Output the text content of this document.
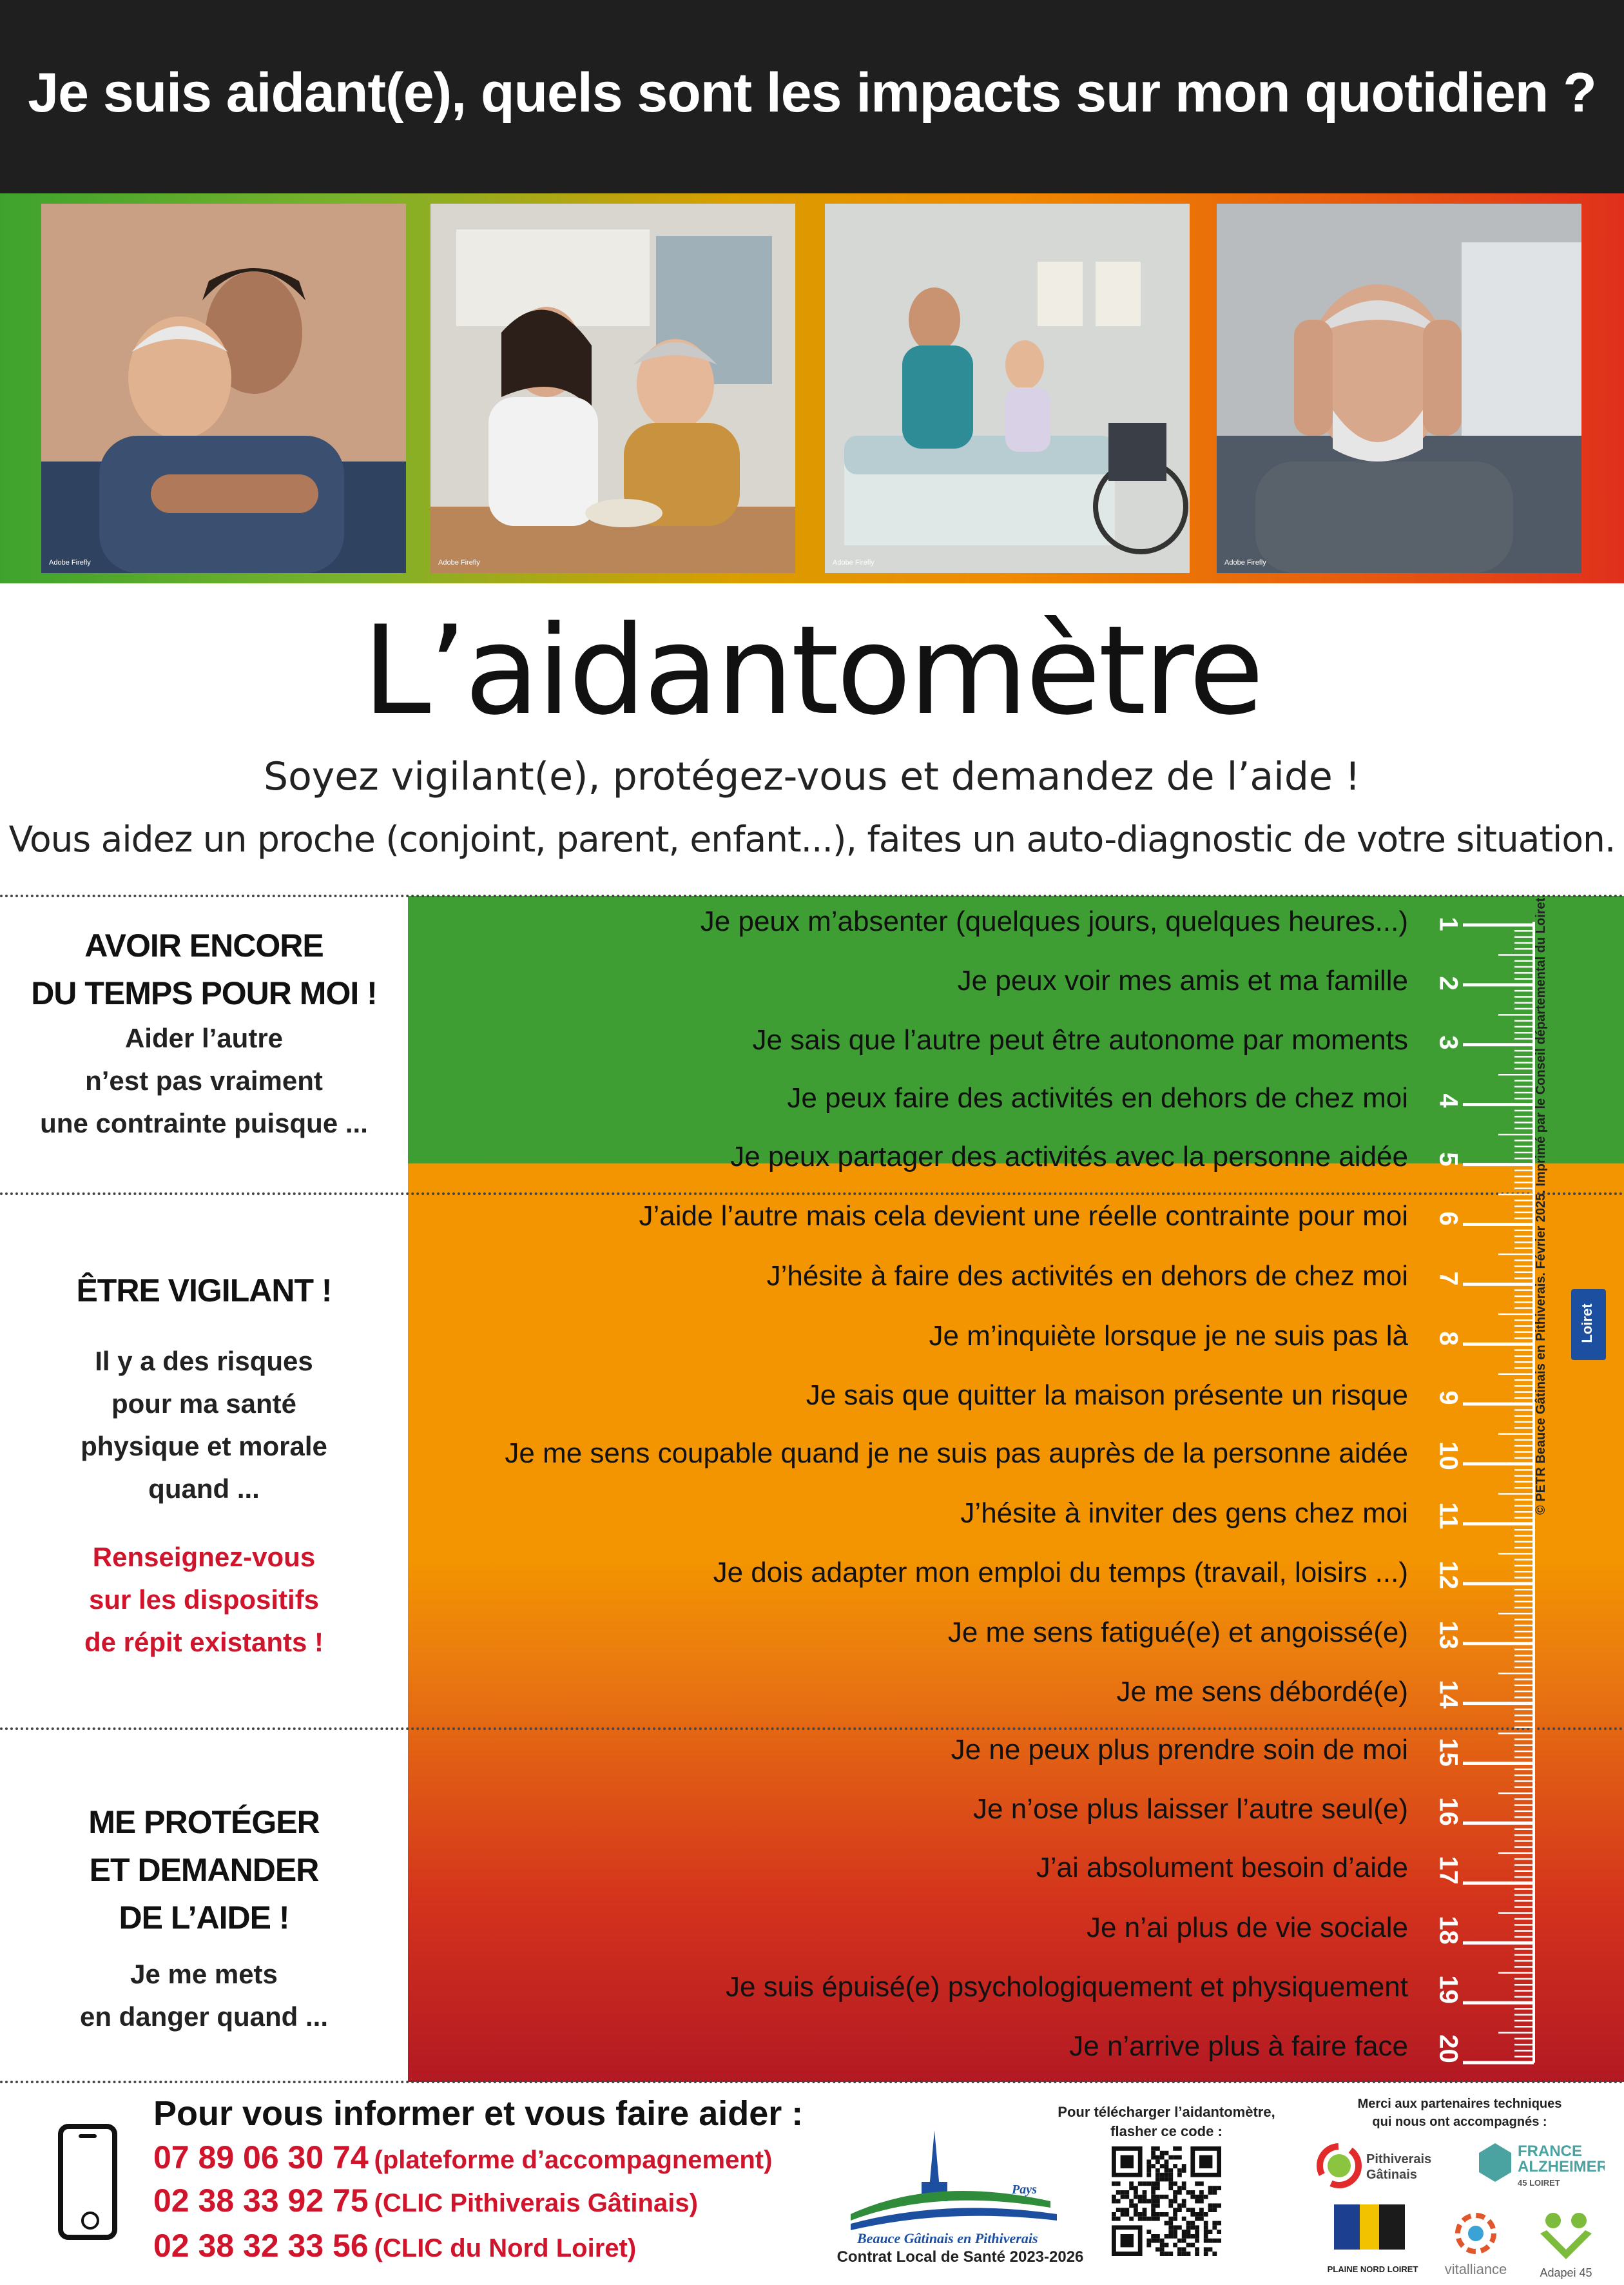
Je suis aidant(e), quels sont les impacts sur mon quotidien ?
Adobe Firefly	Adobe Firefly	Adobe Firefly	Adobe Firefly
L’aidantomètre
Soyez vigilant(e), protégez-vous et demandez de l’aide !
Vous aidez un proche (conjoint, parent, enfant...), faites un auto-diagnostic de votre situation.
AVOIR ENCORE
DU TEMPS POUR MOI !
Aider l’autre
n’est pas vraiment
une contrainte puisque ...
ÊTRE VIGILANT !
Il y a des risques
pour ma santé
physique et morale
quand ...
Renseignez-vous
sur les dispositifs
de répit existants !
ME PROTÉGER
ET DEMANDER
DE L’AIDE !
Je me mets
en danger quand ...
Je peux m’absenter (quelques jours, quelques heures...) 1
Je peux voir mes amis et ma famille 2
Je sais que l’autre peut être autonome par moments 3
Je peux faire des activités en dehors de chez moi 4
Je peux partager des activités avec la personne aidée 5
J’aide l’autre mais cela devient une réelle contrainte pour moi 6
J’hésite à faire des activités en dehors de chez moi 7
Je m’inquiète lorsque je ne suis pas là 8
Je sais que quitter la maison présente un risque 9
Je me sens coupable quand je ne suis pas auprès de la personne aidée 10
J’hésite à inviter des gens chez moi 11
Je dois adapter mon emploi du temps (travail, loisirs ...) 12
Je me sens fatigué(e) et angoissé(e) 13
Je me sens débordé(e) 14
Je ne peux plus prendre soin de moi 15
Je n’ose plus laisser l’autre seul(e) 16
J’ai absolument besoin d’aide 17
Je n’ai plus de vie sociale 18
Je suis épuisé(e) psychologiquement et physiquement 19
Je n’arrive plus à faire face 20
Loiret
© PETR Beauce Gâtinais en Pithiverais. Février 2025. Imprimé par le Conseil départemental du Loiret.
Pour vous informer et vous faire aider :
07 89 06 30 74 (plateforme d’accompagnement)
02 38 33 92 75 (CLIC Pithiverais Gâtinais)
02 38 32 33 56 (CLIC du Nord Loiret)
Pays
Beauce Gâtinais en Pithiverais
Contrat Local de Santé 2023-2026
Pour télécharger l’aidantomètre,
flasher ce code :
Merci aux partenaires techniques
qui nous ont accompagnés :
Pithiverais
Gâtinais
FRANCE
ALZHEIMER
45 LOIRET
PLAINE NORD LOIRET vitalliance	Adapei 45
